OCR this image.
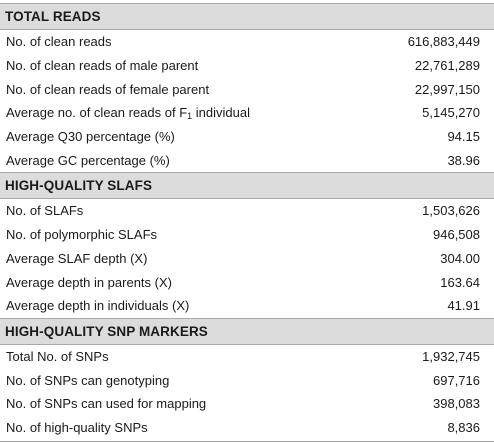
TOTAL READS
No. of clean reads	616,883,449
No. of clean reads of male parent	22,761,289
No. of clean reads of female parent	22,997,150
Average no. of clean reads of $F_1$ individual	5,145,270
Average Q30 percentage (%)	94.15
Average GC percentage (%)	38.96
HIGH-QUALITY SLAFS
No. of SLAFs	1,503,626
No. of polymorphic SLAFs	946,508
Average SLAF depth (X)	304.00
Average depth in parents (X)	163.64
Average depth in individuals (X)	41.91
HIGH-QUALITY SNP MARKERS
Total No. of SNPs	1,932,745
No. of SNPs can genotyping	697,716
No. of SNPs can used for mapping	398,083
No. of high-quality SNPs	8,836
